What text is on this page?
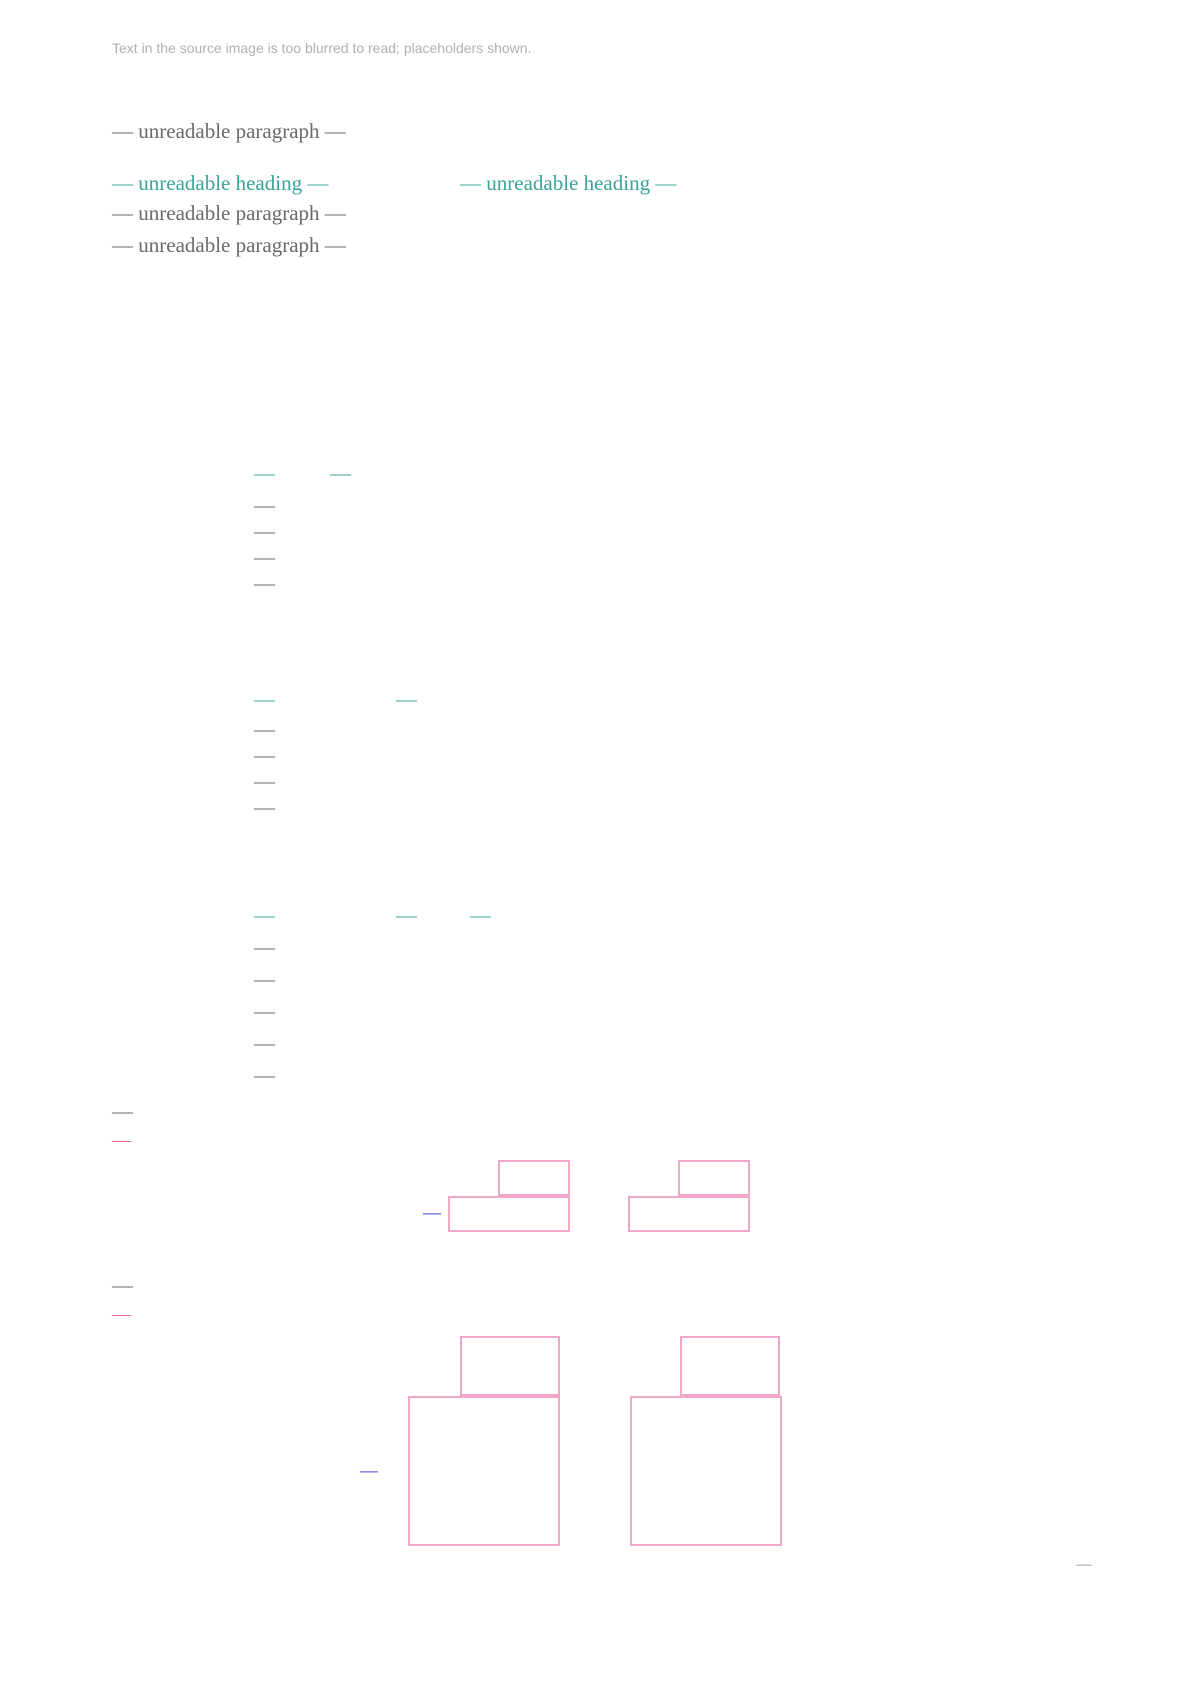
Text in the source image is too blurred to read; placeholders shown.
— unreadable paragraph —
— unreadable heading —	— unreadable heading —
— unreadable paragraph —
— unreadable paragraph —
—	—
—
—
—
—
—	—
—
—
—
—
—	—	—
—
—
—
—
—
—
—
—
—
—
—
—
